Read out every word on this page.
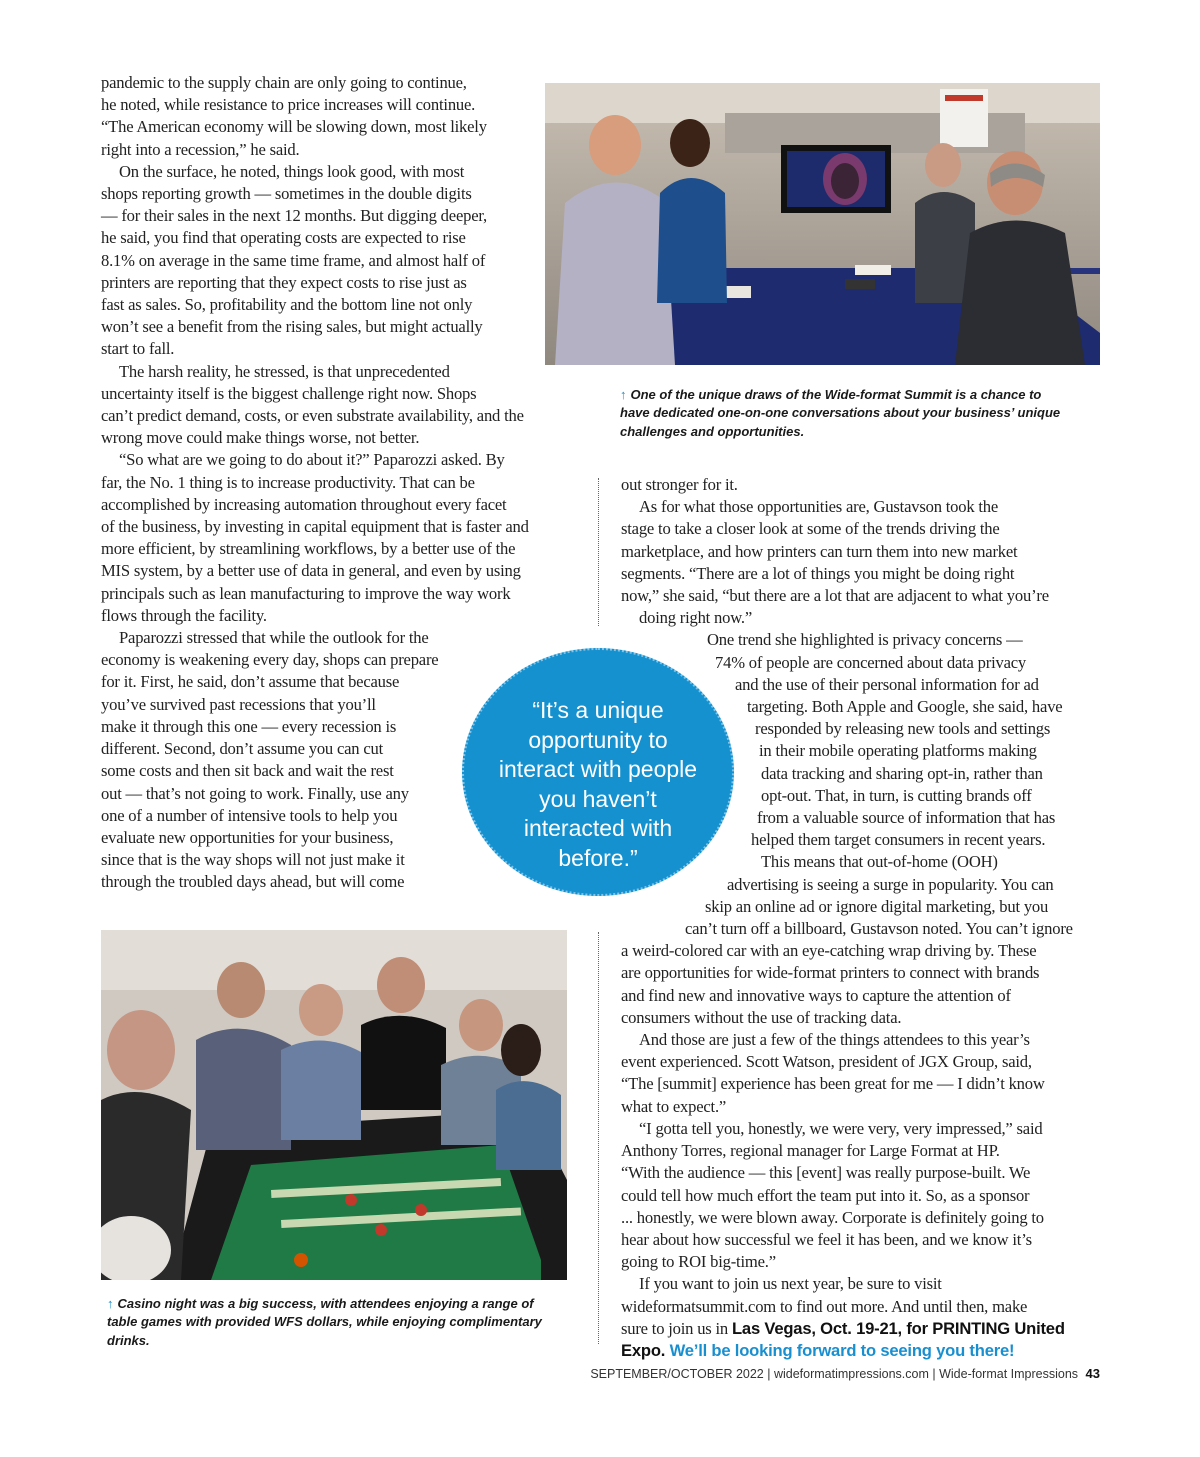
pandemic to the supply chain are only going to continue,
he noted, while resistance to price increases will continue.
“The American economy will be slowing down, most likely
right into a recession,” he said.
On the surface, he noted, things look good, with most
shops reporting growth — sometimes in the double digits
— for their sales in the next 12 months. But digging deeper,
he said, you find that operating costs are expected to rise
8.1% on average in the same time frame, and almost half of
printers are reporting that they expect costs to rise just as
fast as sales. So, profitability and the bottom line not only
won’t see a benefit from the rising sales, but might actually
start to fall.
The harsh reality, he stressed, is that unprecedented
uncertainty itself is the biggest challenge right now. Shops
can’t predict demand, costs, or even substrate availability, and the
wrong move could make things worse, not better.
“So what are we going to do about it?” Paparozzi asked. By
far, the No. 1 thing is to increase productivity. That can be
accomplished by increasing automation throughout every facet
of the business, by investing in capital equipment that is faster and
more efficient, by streamlining workflows, by a better use of the
MIS system, by a better use of data in general, and even by using
principals such as lean manufacturing to improve the way work
flows through the facility.
Paparozzi stressed that while the outlook for the
economy is weakening every day, shops can prepare
for it. First, he said, don’t assume that because
you’ve survived past recessions that you’ll
make it through this one — every recession is
different. Second, don’t assume you can cut
some costs and then sit back and wait the rest
out — that’s not going to work. Finally, use any
one of a number of intensive tools to help you
evaluate new opportunities for your business,
since that is the way shops will not just make it
through the troubled days ahead, but will come
↑ One of the unique draws of the Wide-format Summit is a chance to
have dedicated one-on-one conversations about your business’ unique
challenges and opportunities.
out stronger for it.
As for what those opportunities are, Gustavson took the
stage to take a closer look at some of the trends driving the
marketplace, and how printers can turn them into new market
segments. “There are a lot of things you might be doing right
now,” she said, “but there are a lot that are adjacent to what you’re
doing right now.”
One trend she highlighted is privacy concerns —
74% of people are concerned about data privacy
and the use of their personal information for ad
targeting. Both Apple and Google, she said, have
responded by releasing new tools and settings
in their mobile operating platforms making
data tracking and sharing opt-in, rather than
opt-out. That, in turn, is cutting brands off
from a valuable source of information that has
helped them target consumers in recent years.
This means that out-of-home (OOH)
advertising is seeing a surge in popularity. You can
skip an online ad or ignore digital marketing, but you
can’t turn off a billboard, Gustavson noted. You can’t ignore
a weird-colored car with an eye-catching wrap driving by. These
are opportunities for wide-format printers to connect with brands
and find new and innovative ways to capture the attention of
consumers without the use of tracking data.
And those are just a few of the things attendees to this year’s
event experienced. Scott Watson, president of JGX Group, said,
“The [summit] experience has been great for me — I didn’t know
what to expect.”
“I gotta tell you, honestly, we were very, very impressed,” said
Anthony Torres, regional manager for Large Format at HP.
“With the audience — this [event] was really purpose-built. We
could tell how much effort the team put into it. So, as a sponsor
... honestly, we were blown away. Corporate is definitely going to
hear about how successful we feel it has been, and we know it’s
going to ROI big-time.”
If you want to join us next year, be sure to visit
wideformatsummit.com to find out more. And until then, make
sure to join us in Las Vegas, Oct. 19-21, for PRINTING United
Expo. We’ll be looking forward to seeing you there!
“It’s a unique
opportunity to
interact with people
you haven’t
interacted with
before.”
↑ Casino night was a big success, with attendees enjoying a range of
table games with provided WFS dollars, while enjoying complimentary
drinks.
SEPTEMBER/OCTOBER 2022 | wideformatimpressions.com | Wide-format Impressions 43
